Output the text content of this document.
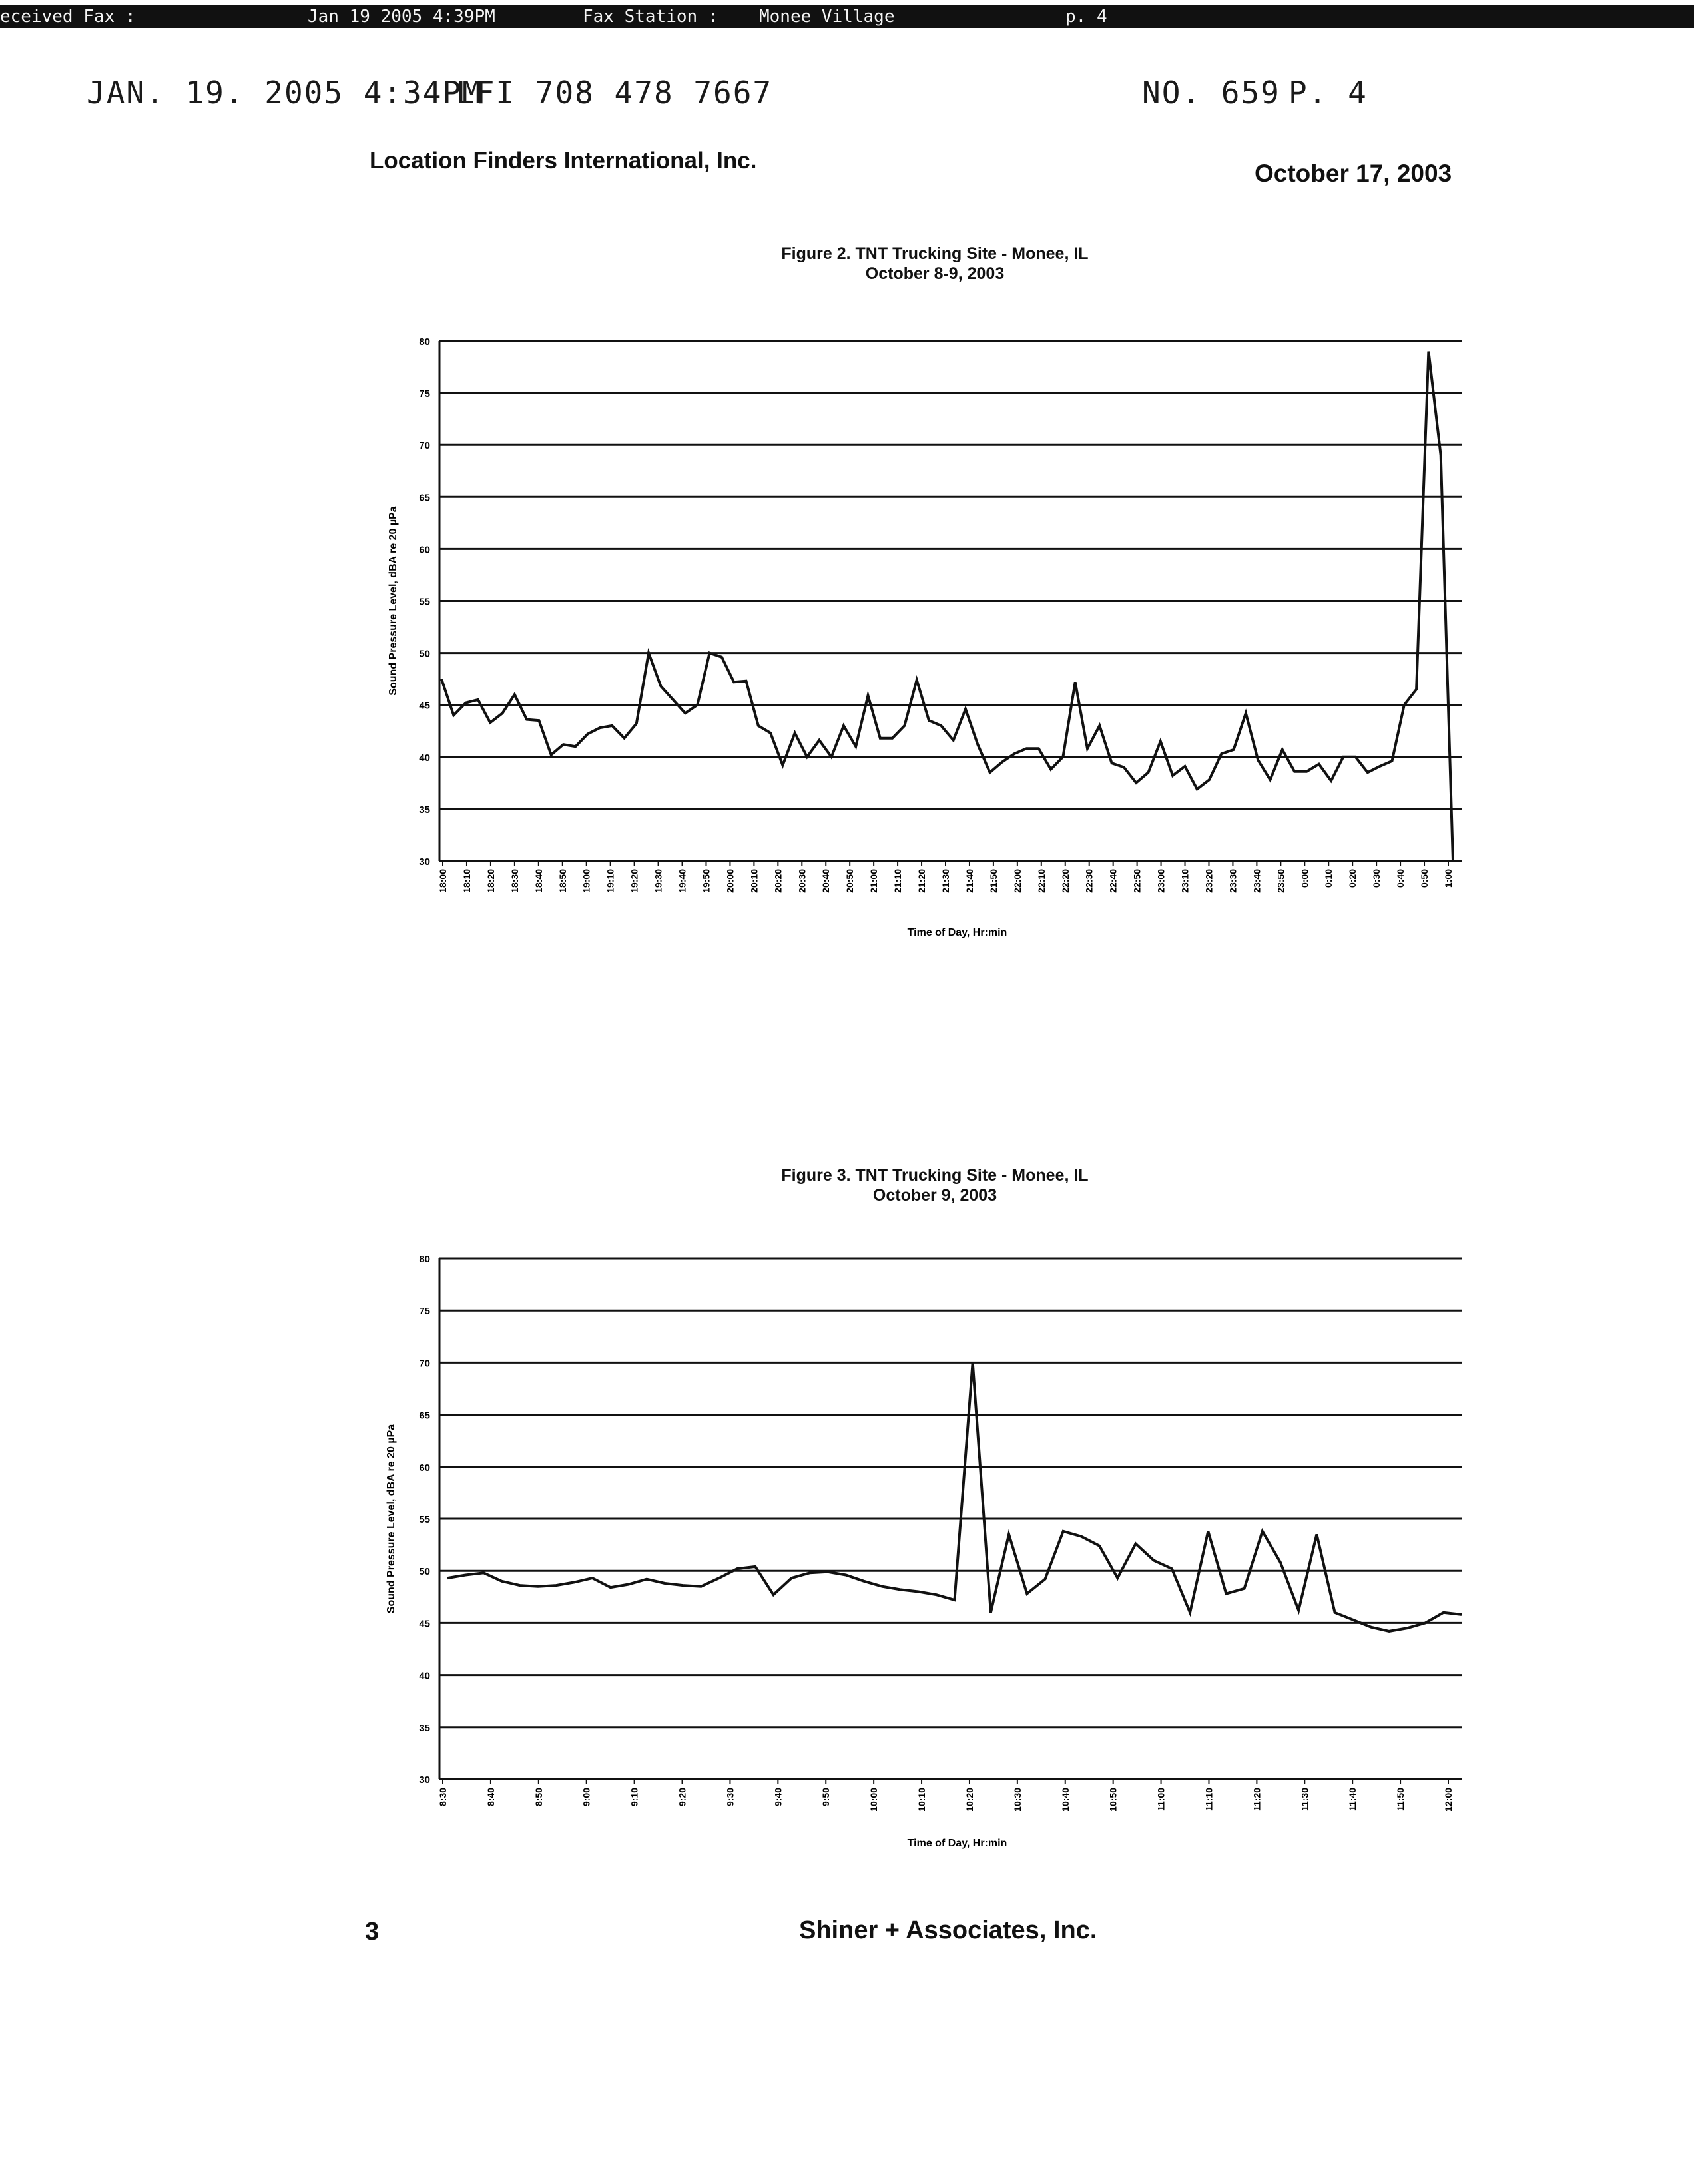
eceived Fax :	Jan 19 2005 4:39PM	Fax Station : Monee Village	p. 4
JAN. 19. 2005 4:34PM
LFI 708 478 7667	NO. 659 P. 4
Location Finders International, Inc.	October 17, 2003
Figure 2. TNT Trucking Site - Monee, IL
October 8-9, 2003
30
35
40
45
50
55
60
65
70
75
80
18:00 18:10 18:20 18:30 18:40 18:50 19:00 19:10 19:20 19:30 19:40 19:50 20:00 20:10 20:20 20:30 20:40 20:50 21:00 21:10 21:20 21:30 21:40 21:50 22:00 22:10 22:20 22:30 22:40 22:50 23:00 23:10 23:20 23:30 23:40 23:50 0:00 0:10 0:20 0:30 0:40 0:50 1:00
Time of Day, Hr:min
Sound Pressure Level, dBA re 20 µPa
Figure 3. TNT Trucking Site - Monee, IL
October 9, 2003
30
35
40
45
50
55
60
65
70
75
80
8:30	8:40	8:50	9:00	9:10	9:20	9:30	9:40	9:50	10:00	10:10	10:20	10:30	10:40	10:50	11:00	11:10	11:20	11:30	11:40	11:50	12:00
Time of Day, Hr:min
Sound Pressure Level, dBA re 20 µPa
3	Shiner + Associates, Inc.
